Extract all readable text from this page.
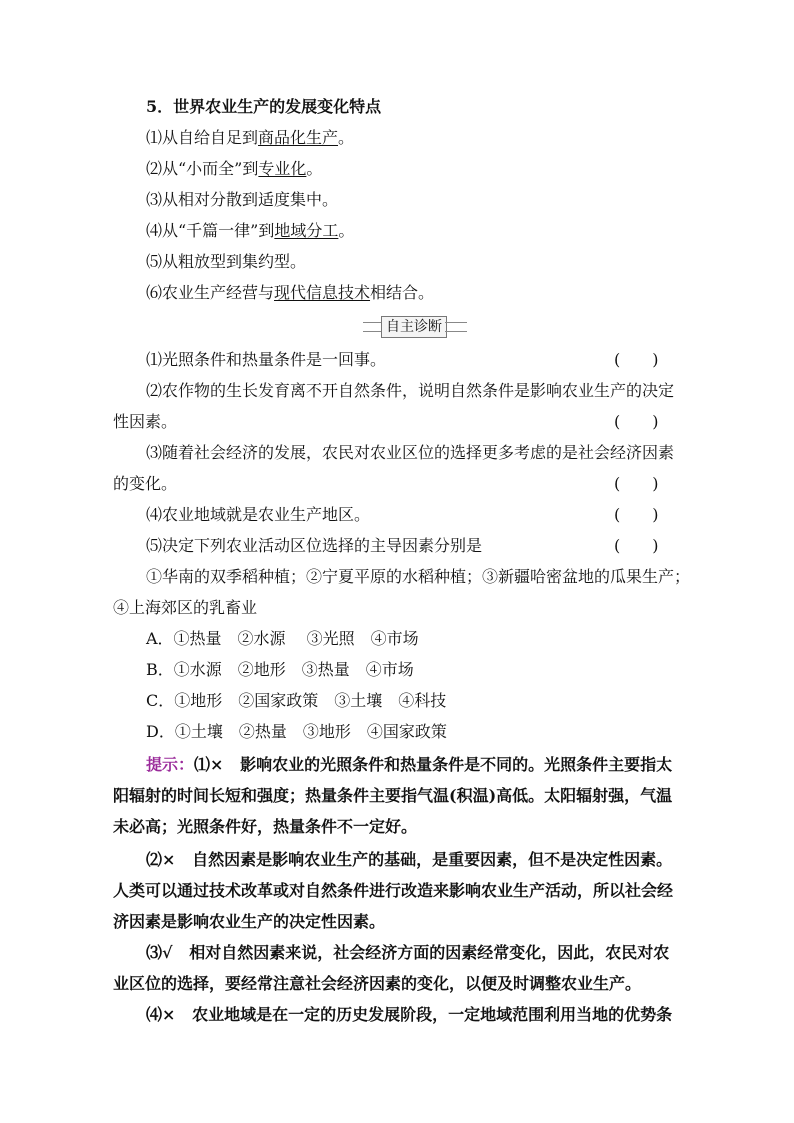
5．世界农业生产的发展变化特点
⑴从自给自足到商品化生产。
⑵从“小而全”到专业化。
⑶从相对分散到适度集中。
⑷从“千篇一律”到地域分工。
⑸从粗放型到集约型。
⑹农业生产经营与现代信息技术相结合。
自主诊断
⑴光照条件和热量条件是一回事。	(　　)
⑵农作物的生长发育离不开自然条件，说明自然条件是影响农业生产的决定
性因素。	(　　)
⑶随着社会经济的发展，农民对农业区位的选择更多考虑的是社会经济因素
的变化。	(　　)
⑷农业地域就是农业生产地区。	(　　)
⑸决定下列农业活动区位选择的主导因素分别是	(　　)
①华南的双季稻种植；②宁夏平原的水稻种植；③新疆哈密盆地的瓜果生产；
④上海郊区的乳畜业
A．①热量　②水源　 ③光照　④市场
B．①水源　②地形　③热量　④市场
C．①地形　②国家政策　③土壤　④科技
D．①土壤　②热量　③地形　④国家政策
提示：⑴× 影响农业的光照条件和热量条件是不同的。光照条件主要指太
阳辐射的时间长短和强度；热量条件主要指气温(积温)高低。太阳辐射强，气温
未必高；光照条件好，热量条件不一定好。
⑵× 自然因素是影响农业生产的基础，是重要因素，但不是决定性因素。
人类可以通过技术改革或对自然条件进行改造来影响农业生产活动，所以社会经
济因素是影响农业生产的决定性因素。
⑶√ 相对自然因素来说，社会经济方面的因素经常变化，因此，农民对农
业区位的选择，要经常注意社会经济因素的变化，以便及时调整农业生产。
⑷× 农业地域是在一定的历史发展阶段，一定地域范围利用当地的优势条
